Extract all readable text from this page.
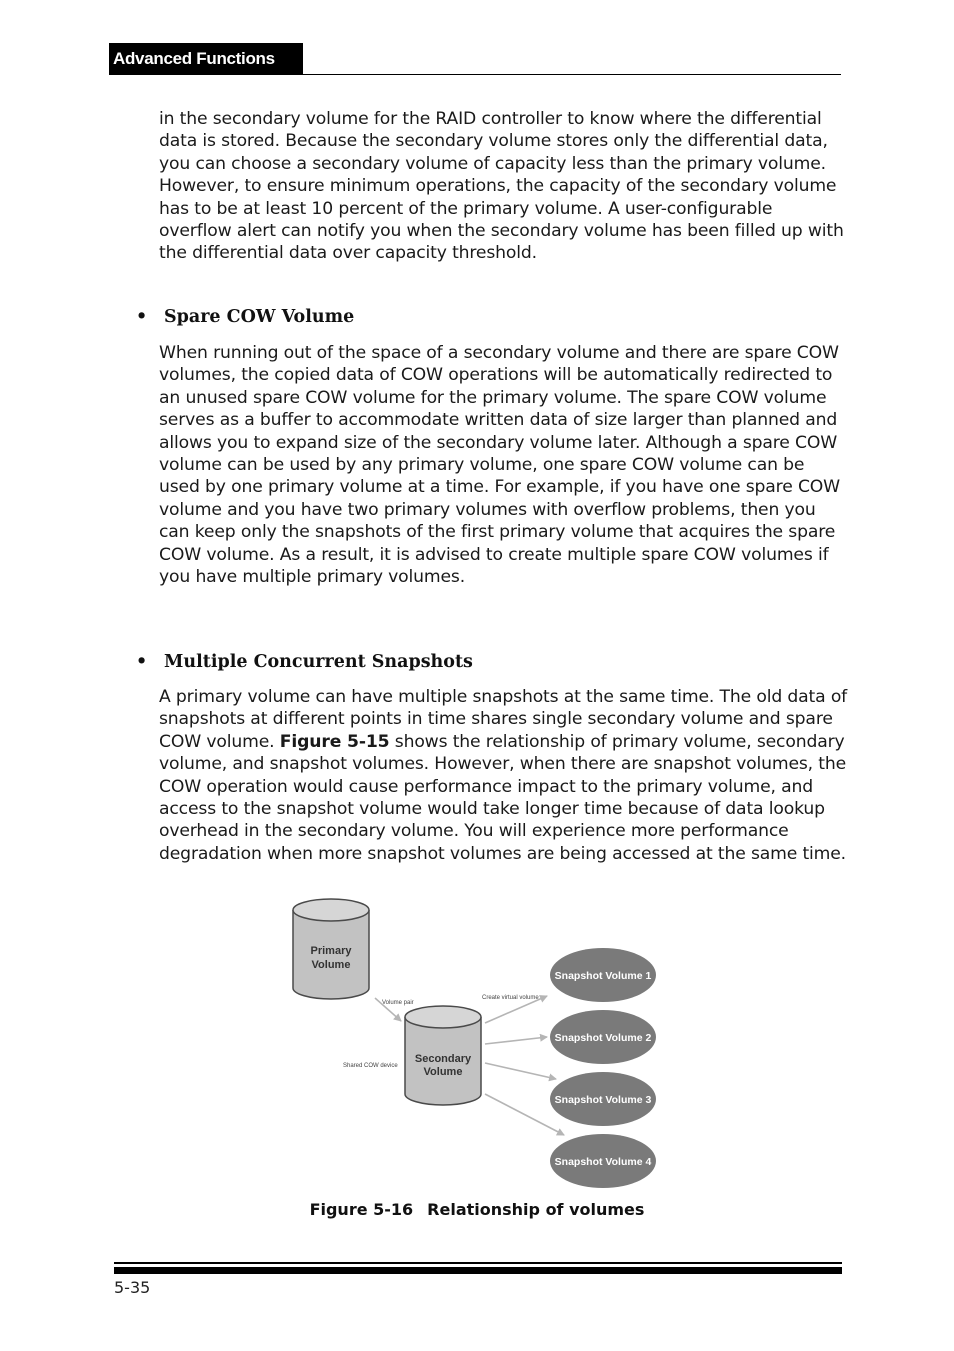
Advanced Functions

in the secondary volume for the RAID controller to know where the differential data is stored. Because the secondary volume stores only the differential data, you can choose a secondary volume of capacity less than the primary volume. However, to ensure minimum operations, the capacity of the secondary volume has to be at least 10 percent of the primary volume. A user-configurable overflow alert can notify you when the secondary volume has been filled up with the differential data over capacity threshold.

• Spare COW Volume

When running out of the space of a secondary volume and there are spare COW volumes, the copied data of COW operations will be automatically redirected to an unused spare COW volume for the primary volume. The spare COW volume serves as a buffer to accommodate written data of size larger than planned and allows you to expand size of the secondary volume later. Although a spare COW volume can be used by any primary volume, one spare COW volume can be used by one primary volume at a time. For example, if you have one spare COW volume and you have two primary volumes with overflow problems, then you can keep only the snapshots of the first primary volume that acquires the spare COW volume. As a result, it is advised to create multiple spare COW volumes if you have multiple primary volumes.

• Multiple Concurrent Snapshots

A primary volume can have multiple snapshots at the same time. The old data of snapshots at different points in time shares single secondary volume and spare COW volume. Figure 5-15 shows the relationship of primary volume, secondary volume, and snapshot volumes. However, when there are snapshot volumes, the COW operation would cause performance impact to the primary volume, and access to the snapshot volume would take longer time because of data lookup overhead in the secondary volume. You will experience more performance degradation when more snapshot volumes are being accessed at the same time.

Primary
Volume
Secondary
Volume
Volume pair
Create virtual volume
Shared COW device
Snapshot Volume 1
Snapshot Volume 2
Snapshot Volume 3
Snapshot Volume 4
Figure 5-16 Relationship of volumes
5-35
